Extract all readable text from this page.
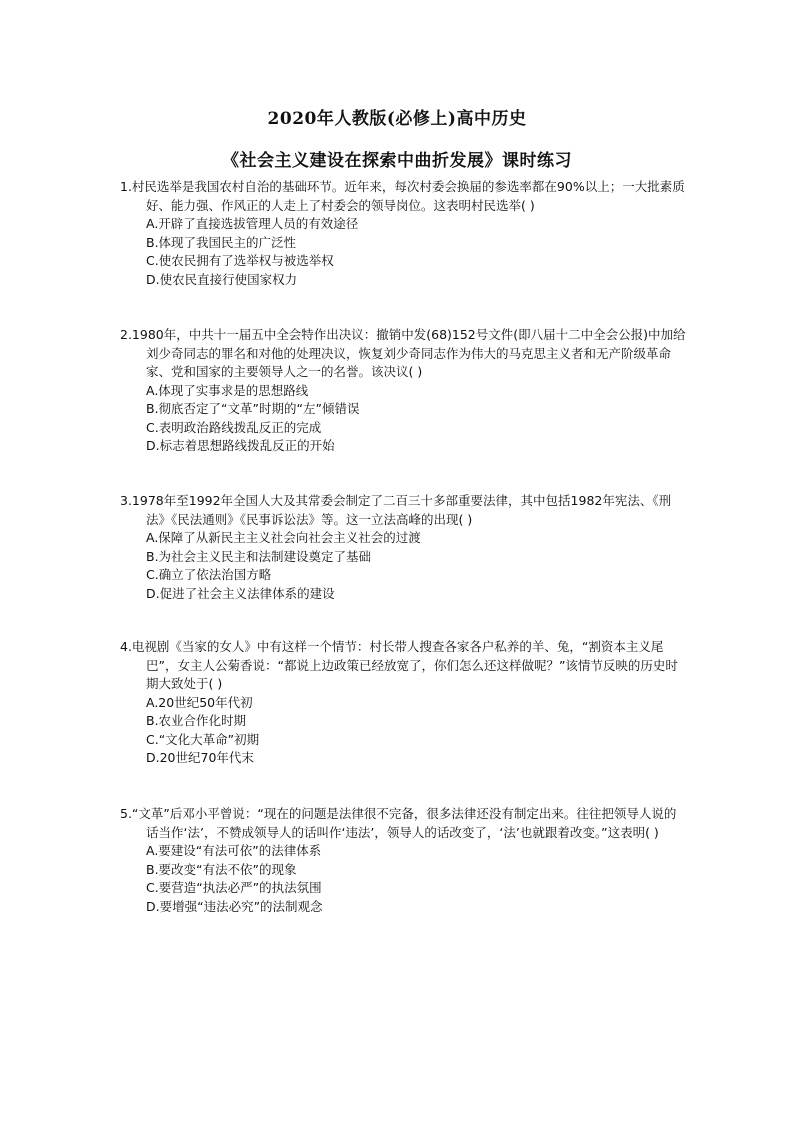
2020年人教版(必修上)高中历史
《社会主义建设在探索中曲折发展》课时练习
1.村民选举是我国农村自治的基础环节。近年来，每次村委会换届的参选率都在90%以上；一大批素质好、能力强、作风正的人走上了村委会的领导岗位。这表明村民选举( )
A.开辟了直接选拔管理人员的有效途径
B.体现了我国民主的广泛性
C.使农民拥有了选举权与被选举权
D.使农民直接行使国家权力
2.1980年，中共十一届五中全会特作出决议：撤销中发(68)152号文件(即八届十二中全会公报)中加给刘少奇同志的罪名和对他的处理决议，恢复刘少奇同志作为伟大的马克思主义者和无产阶级革命家、党和国家的主要领导人之一的名誉。该决议( )
A.体现了实事求是的思想路线
B.彻底否定了“文革”时期的“左”倾错误
C.表明政治路线拨乱反正的完成
D.标志着思想路线拨乱反正的开始
3.1978年至1992年全国人大及其常委会制定了二百三十多部重要法律，其中包括1982年宪法、《刑法》《民法通则》《民事诉讼法》等。这一立法高峰的出现( )
A.保障了从新民主主义社会向社会主义社会的过渡
B.为社会主义民主和法制建设奠定了基础
C.确立了依法治国方略
D.促进了社会主义法律体系的建设
4.电视剧《当家的女人》中有这样一个情节：村长带人搜查各家各户私养的羊、兔，“割资本主义尾巴”，女主人公菊香说：“都说上边政策已经放宽了，你们怎么还这样做呢？”该情节反映的历史时期大致处于( )
A.20世纪50年代初
B.农业合作化时期
C.“文化大革命”初期
D.20世纪70年代末
5.“文革”后邓小平曾说：“现在的问题是法律很不完备，很多法律还没有制定出来。往往把领导人说的话当作‘法’，不赞成领导人的话叫作‘违法’，领导人的话改变了，‘法’也就跟着改变。”这表明( )
A.要建设“有法可依”的法律体系
B.要改变“有法不依”的现象
C.要营造“执法必严”的执法氛围
D.要增强“违法必究”的法制观念
